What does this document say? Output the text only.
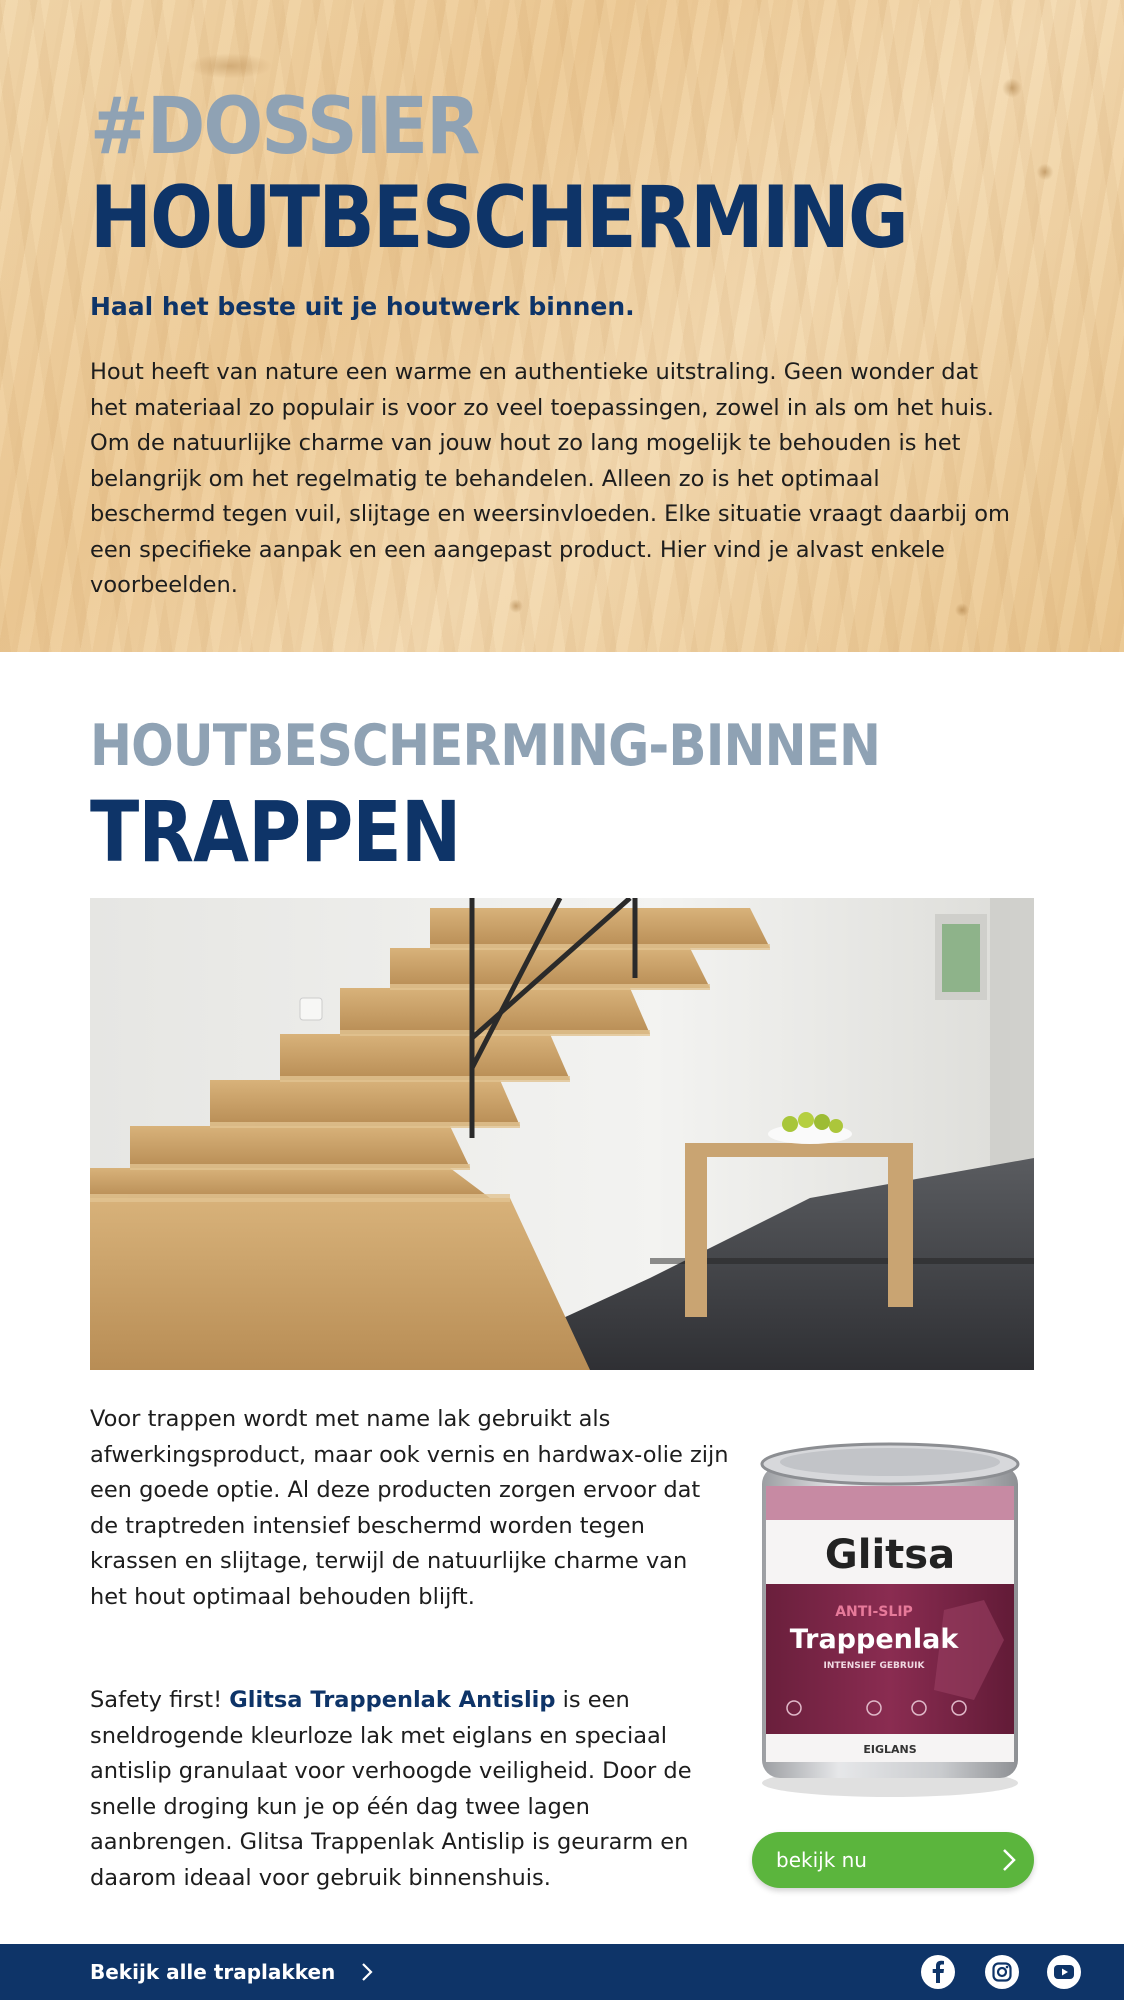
#DOSSIER
HOUTBESCHERMING
Haal het beste uit je houtwerk binnen.

Hout heeft van nature een warme en authentieke uitstraling. Geen wonder dat het materiaal zo populair is voor zo veel toepassingen, zowel in als om het huis. Om de natuurlijke charme van jouw hout zo lang mogelijk te behouden is het belangrijk om het regelmatig te behandelen. Alleen zo is het optimaal beschermd tegen vuil, slijtage en weersinvloeden. Elke situatie vraagt daarbij om een specifieke aanpak en een aangepast product. Hier vind je alvast enkele voorbeelden.

HOUTBESCHERMING-BINNEN
TRAPPEN

Voor trappen wordt met name lak gebruikt als afwerkingsproduct, maar ook vernis en hardwax-olie zijn een goede optie. Al deze producten zorgen ervoor dat de traptreden intensief beschermd worden tegen krassen en slijtage, terwijl de natuurlijke charme van het hout optimaal behouden blijft.

Safety first! Glitsa Trappenlak Antislip is een sneldrogende kleurloze lak met eiglans en speciaal antislip granulaat voor verhoogde veiligheid. Door de snelle droging kun je op één dag twee lagen aanbrengen. Glitsa Trappenlak Antislip is geurarm en daarom ideaal voor gebruik binnenshuis.

Glitsa
ANTI-SLIP
Trappenlak
INTENSIEF GEBRUIK
EIGLANS
bekijk nu
Bekijk alle traplakken
